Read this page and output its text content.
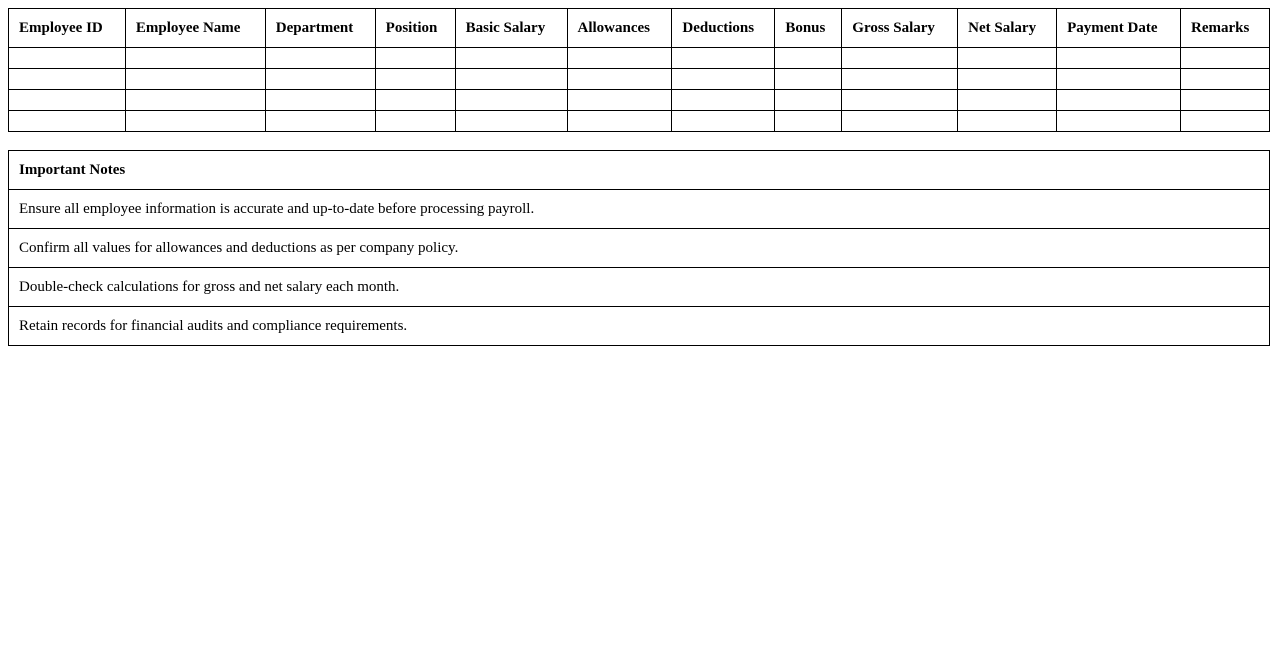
Employee ID	Employee Name	Department	Position	Basic Salary	Allowances	Deductions	Bonus	Gross Salary	Net Salary	Payment Date	Remarks

Important Notes
Ensure all employee information is accurate and up-to-date before processing payroll.
Confirm all values for allowances and deductions as per company policy.
Double-check calculations for gross and net salary each month.
Retain records for financial audits and compliance requirements.
